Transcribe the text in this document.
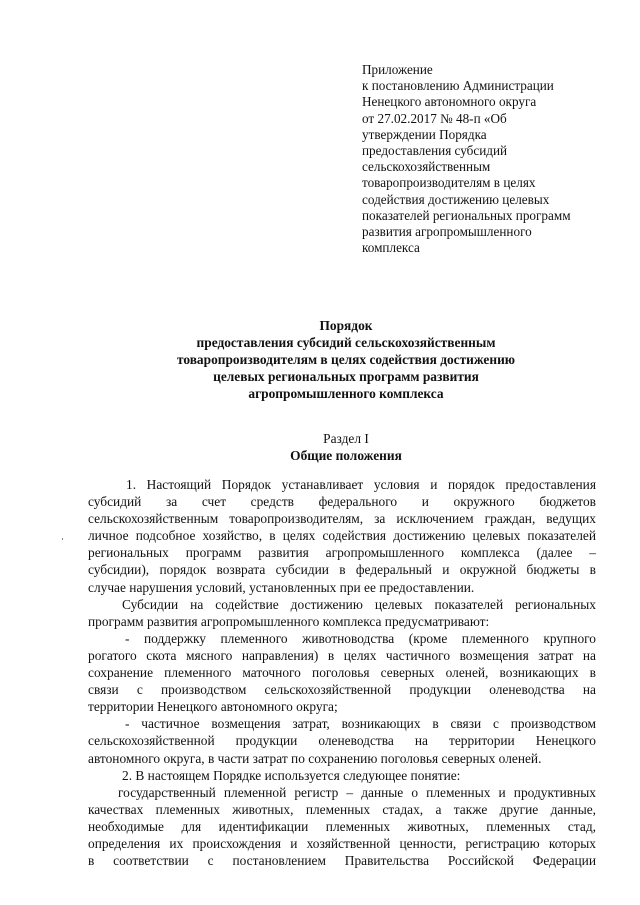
Приложение
к постановлению Администрации
Ненецкого автономного округа
от 27.02.2017 № 48-п «Об
утверждении Порядка
предоставления субсидий
сельскохозяйственным
товаропроизводителям в целях
содействия достижению целевых
показателей региональных программ
развития агропромышленного
комплекса
Порядок
предоставления субсидий сельскохозяйственным
товаропроизводителям в целях содействия достижению
целевых региональных программ развития
агропромышленного комплекса
Раздел I
Общие положения
1. Настоящий Порядок устанавливает условия и порядок предоставления
субсидий за счет средств федерального и окружного бюджетов
сельскохозяйственным товаропроизводителям, за исключением граждан, ведущих
личное подсобное хозяйство, в целях содействия достижению целевых показателей
региональных программ развития агропромышленного комплекса (далее –
субсидии), порядок возврата субсидии в федеральный и окружной бюджеты в
случае нарушения условий, установленных при ее предоставлении.
Субсидии на содействие достижению целевых показателей региональных
программ развития агропромышленного комплекса предусматривают:
- поддержку племенного животноводства (кроме племенного крупного
рогатого скота мясного направления) в целях частичного возмещения затрат на
сохранение племенного маточного поголовья северных оленей, возникающих в
связи с производством сельскохозяйственной продукции оленеводства на
территории Ненецкого автономного округа;
- частичное возмещения затрат, возникающих в связи с производством
сельскохозяйственной продукции оленеводства на территории Ненецкого
автономного округа, в части затрат по сохранению поголовья северных оленей.
2. В настоящем Порядке используется следующее понятие:
государственный племенной регистр – данные о племенных и продуктивных
качествах племенных животных, племенных стадах, а также другие данные,
необходимые для идентификации племенных животных, племенных стад,
определения их происхождения и хозяйственной ценности, регистрацию которых
в соответствии с постановлением Правительства Российской Федерации
